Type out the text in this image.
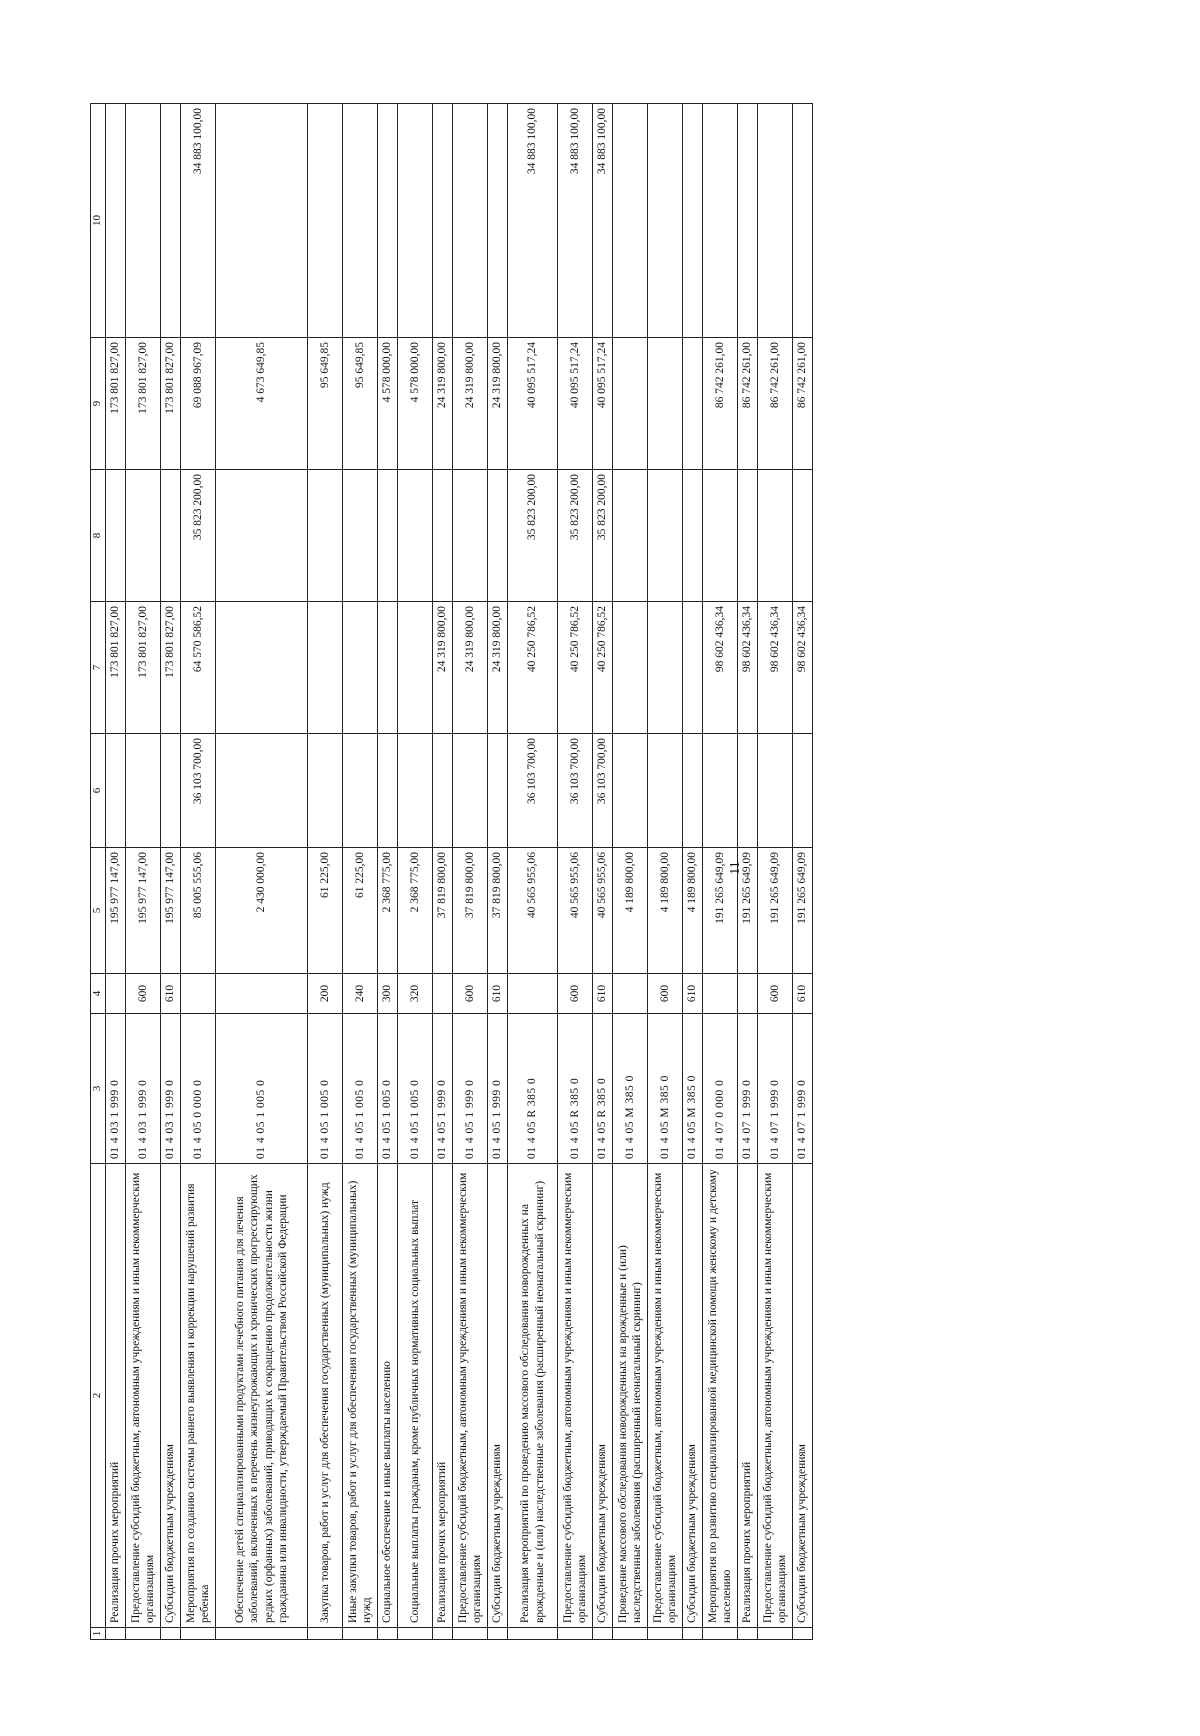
11
1	2	3	4	5	6	7	8	9	10
	Реализация прочих мероприятий	01 4 03 1 999 0		195 977 147,00		173 801 827,00		173 801 827,00	
	Предоставление субсидий бюджетным, автономным учреждениям и иным некоммерческим организациям	01 4 03 1 999 0	600	195 977 147,00		173 801 827,00		173 801 827,00	
	Субсидии бюджетным учреждениям	01 4 03 1 999 0	610	195 977 147,00		173 801 827,00		173 801 827,00	
	Мероприятия по созданию системы раннего выявления и коррекции нарушений развития ребенка	01 4 05 0 000 0		85 005 555,06	36 103 700,00	64 570 586,52	35 823 200,00	69 088 967,09	34 883 100,00
	Обеспечение детей специализированными продуктами лечебного питания для лечения заболеваний, включенных в перечень жизнеугрожающих и хронических прогрессирующих редких (орфанных) заболеваний, приводящих к сокращению продолжительности жизни гражданина или инвалидности, утверждаемый Правительством Российской Федерации	01 4 05 1 005 0		2 430 000,00				4 673 649,85	
	Закупка товаров, работ и услуг для обеспечения государственных (муниципальных) нужд	01 4 05 1 005 0	200	61 225,00				95 649,85	
	Иные закупки товаров, работ и услуг для обеспечения государственных (муниципальных) нужд	01 4 05 1 005 0	240	61 225,00				95 649,85	
	Социальное обеспечение и иные выплаты населению	01 4 05 1 005 0	300	2 368 775,00				4 578 000,00	
	Социальные выплаты гражданам, кроме публичных нормативных социальных выплат	01 4 05 1 005 0	320	2 368 775,00				4 578 000,00	
	Реализация прочих мероприятий	01 4 05 1 999 0		37 819 800,00		24 319 800,00		24 319 800,00	
	Предоставление субсидий бюджетным, автономным учреждениям и иным некоммерческим организациям	01 4 05 1 999 0	600	37 819 800,00		24 319 800,00		24 319 800,00	
	Субсидии бюджетным учреждениям	01 4 05 1 999 0	610	37 819 800,00		24 319 800,00		24 319 800,00	
	Реализация мероприятий по проведению массового обследования новорожденных на врожденные и (или) наследственные заболевания (расширенный неонатальный скрининг)	01 4 05 R 385 0		40 565 955,06	36 103 700,00	40 250 786,52	35 823 200,00	40 095 517,24	34 883 100,00
	Предоставление субсидий бюджетным, автономным учреждениям и иным некоммерческим организациям	01 4 05 R 385 0	600	40 565 955,06	36 103 700,00	40 250 786,52	35 823 200,00	40 095 517,24	34 883 100,00
	Субсидии бюджетным учреждениям	01 4 05 R 385 0	610	40 565 955,06	36 103 700,00	40 250 786,52	35 823 200,00	40 095 517,24	34 883 100,00
	Проведение массового обследования новорожденных на врожденные и (или) наследственные заболевания (расширенный неонатальный скрининг)	01 4 05 М 385 0		4 189 800,00					
	Предоставление субсидий бюджетным, автономным учреждениям и иным некоммерческим организациям	01 4 05 М 385 0	600	4 189 800,00					
	Субсидии бюджетным учреждениям	01 4 05 М 385 0	610	4 189 800,00					
	Мероприятия по развитию специализированной медицинской помощи женскому и детскому населению	01 4 07 0 000 0		191 265 649,09		98 602 436,34		86 742 261,00	
	Реализация прочих мероприятий	01 4 07 1 999 0		191 265 649,09		98 602 436,34		86 742 261,00	
	Предоставление субсидий бюджетным, автономным учреждениям и иным некоммерческим организациям	01 4 07 1 999 0	600	191 265 649,09		98 602 436,34		86 742 261,00	
	Субсидии бюджетным учреждениям	01 4 07 1 999 0	610	191 265 649,09		98 602 436,34		86 742 261,00	
